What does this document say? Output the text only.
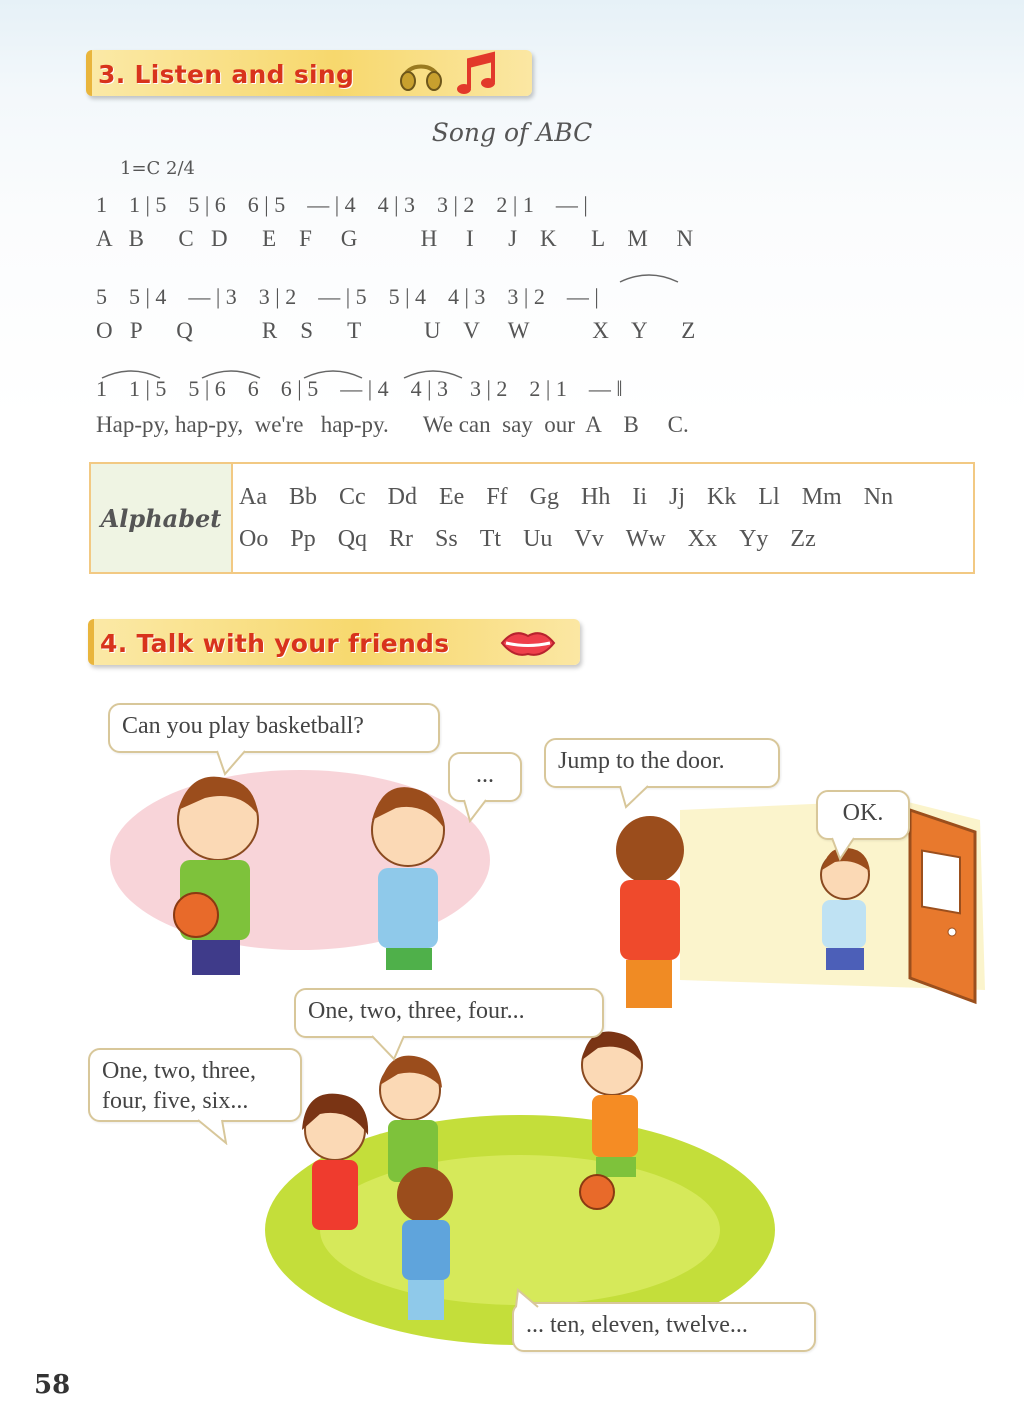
3. Listen and sing
Song of ABC
1=C 2/4
1    1 | 5    5 | 6    6 | 5    — | 4    4 | 3    3 | 2    2 | 1    — |
A   B      C   D      E    F     G           H     I      J    K      L    M     N
5    5 | 4    — | 3    3 | 2    — | 5    5 | 4    4 | 3    3 | 2    — |
O   P      Q            R    S      T           U    V     W           X    Y      Z
1    1 | 5    5 | 6    6    6 | 5    — | 4    4 | 3    3 | 2    2 | 1    — ‖
Hap-py, hap-py,  we're   hap-py.      We can  say  our  A    B     C.
Alphabet
Aa Bb Cc Dd Ee Ff Gg Hh Ii Jj Kk Ll Mm Nn
Oo Pp Qq Rr Ss Tt Uu Vv Ww Xx Yy Zz
4. Talk with your friends
Can you play basketball?
...
Jump to the door.
OK.
One, two, three, four...
One, two, three,
four, five, six...
... ten, eleven, twelve...
58
